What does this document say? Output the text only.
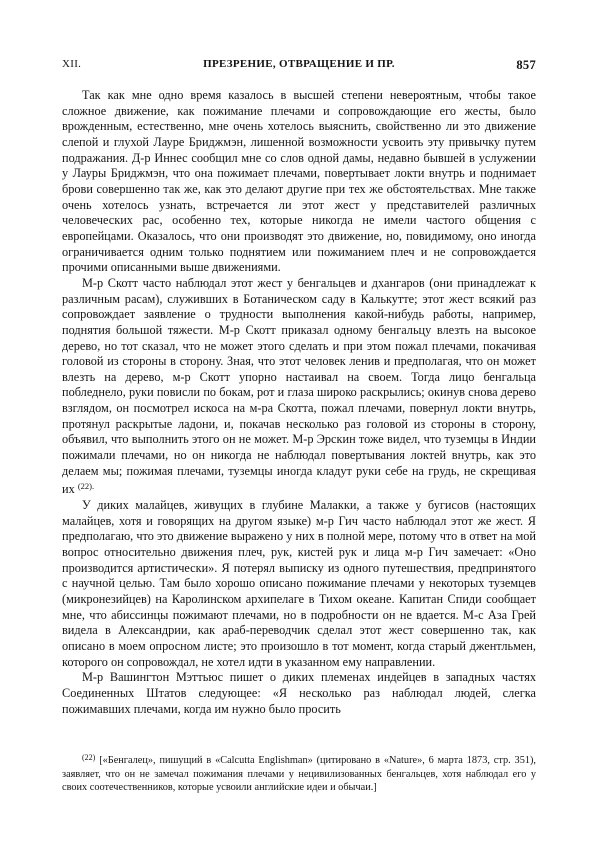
XII.	ПРЕЗРЕНИЕ, ОТВРАЩЕНИЕ И ПР.	857

Так как мне одно время казалось в высшей степени невероятным, чтобы такое сложное движение, как пожимание плечами и сопровождающие его жесты, было врожденным, естественно, мне очень хотелось выяснить, свойственно ли это движение слепой и глухой Лауре Бриджмэн, лишенной возможности усвоить эту привычку путем подражания. Д-р Иннес сообщил мне со слов одной дамы, недавно бывшей в услужении у Лауры Бриджмэн, что она пожимает плечами, повертывает локти внутрь и поднимает брови совершенно так же, как это делают другие при тех же обстоятельствах. Мне также очень хотелось узнать, встречается ли этот жест у представителей различных человеческих рас, особенно тех, которые никогда не имели частого общения с европейцами. Оказалось, что они производят это движение, но, повидимому, оно иногда ограничивается одним только поднятием или пожиманием плеч и не сопровождается прочими описанными выше движениями.

М-р Скотт часто наблюдал этот жест у бенгальцев и дхангаров (они принадлежат к различным расам), служивших в Ботаническом саду в Калькутте; этот жест всякий раз сопровождает заявление о трудности выполнения какой-нибудь работы, например, поднятия большой тяжести. М-р Скотт приказал одному бенгальцу влезть на высокое дерево, но тот сказал, что не может этого сделать и при этом пожал плечами, покачивая головой из стороны в сторону. Зная, что этот человек ленив и предполагая, что он может влезть на дерево, м-р Скотт упорно настаивал на своем. Тогда лицо бенгальца побледнело, руки повисли по бокам, рот и глаза широко раскрылись; окинув снова дерево взглядом, он посмотрел искоса на м-ра Скотта, пожал плечами, повернул локти внутрь, протянул раскрытые ладони, и, покачав несколько раз головой из стороны в сторону, объявил, что выполнить этого он не может. М-р Эрскин тоже видел, что туземцы в Индии пожимали плечами, но он никогда не наблюдал повертывания локтей внутрь, как это делаем мы; пожимая плечами, туземцы иногда кладут руки себе на грудь, не скрещивая их $^{(22).}$

У диких малайцев, живущих в глубине Малакки, а также у бугисов (настоящих малайцев, хотя и говорящих на другом языке) м-р Гич часто наблюдал этот же жест. Я предполагаю, что это движение выражено у них в полной мере, потому что в ответ на мой вопрос относительно движения плеч, рук, кистей рук и лица м-р Гич замечает: «Оно производится артистически». Я потерял выписку из одного путешествия, предпринятого с научной целью. Там было хорошо описано пожимание плечами у некоторых туземцев (микронезийцев) на Каролинском архипелаге в Тихом океане. Капитан Спиди сообщает мне, что абиссинцы пожимают плечами, но в подробности он не вдается. М-с Аза Грей видела в Александрии, как араб-переводчик сделал этот жест совершенно так, как описано в моем опросном листе; это произошло в тот момент, когда старый джентльмен, которого он сопровождал, не хотел идти в указанном ему направлении.

М-р Вашингтон Мэттьюс пишет о диких племенах индейцев в западных частях Соединенных Штатов следующее: «Я несколько раз наблюдал людей, слегка пожимавших плечами, когда им нужно было просить

$^{(22)}$ [«Бенгалец», пишущий в «Calcutta Englishman» (цитировано в «Nature», 6 марта 1873, стр. 351), заявляет, что он не замечал пожимания плечами у нецивилизованных бенгальцев, хотя наблюдал его у своих соотечественников, которые усвоили английские идеи и обычаи.]
